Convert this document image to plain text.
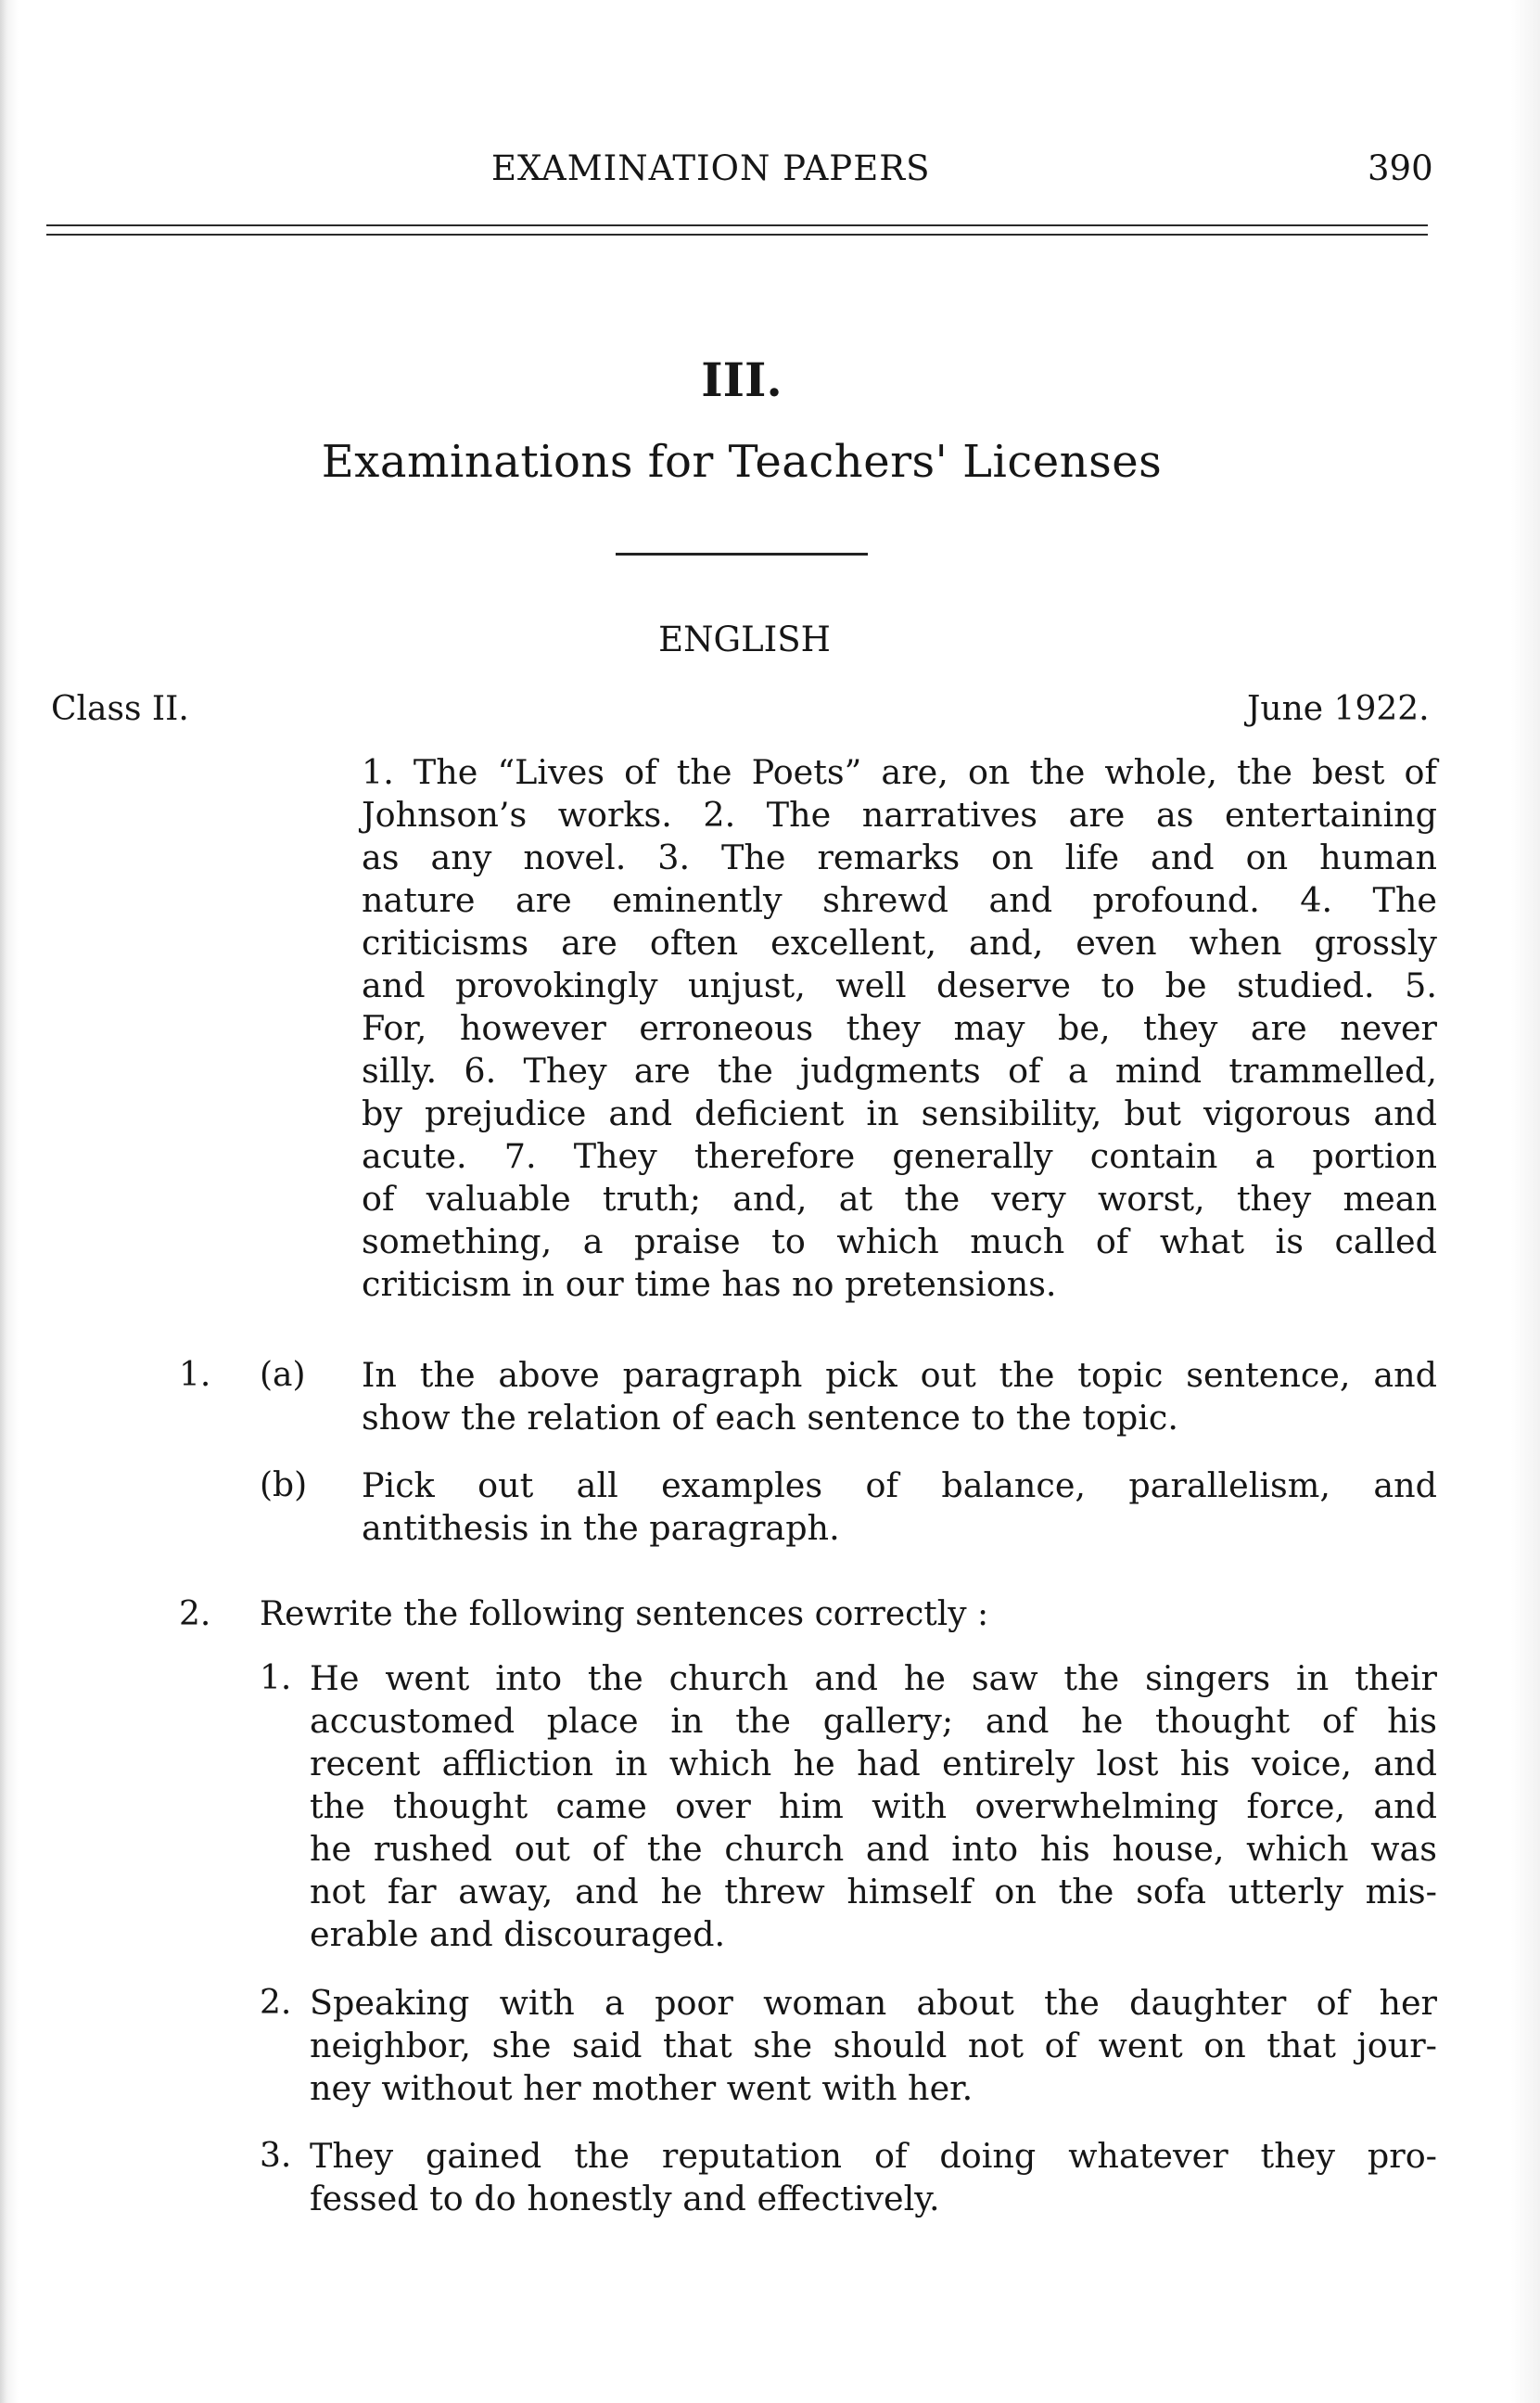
EXAMINATION PAPERS	390
III.
Examinations for Teachers' Licenses
ENGLISH
Class II.	June 1922.
1. The “Lives of the Poets” are, on the whole, the best of
Johnson’s works. 2. The narratives are as entertaining
as any novel. 3. The remarks on life and on human
nature are eminently shrewd and profound. 4. The
criticisms are often excellent, and, even when grossly
and provokingly unjust, well deserve to be studied. 5.
For, however erroneous they may be, they are never
silly. 6. They are the judgments of a mind trammelled,
by prejudice and deficient in sensibility, but vigorous and
acute. 7. They therefore generally contain a portion
of valuable truth; and, at the very worst, they mean
something, a praise to which much of what is called
criticism in our time has no pretensions.
1. (a) In the above paragraph pick out the topic sentence, and
show the relation of each sentence to the topic.
(b) Pick out all examples of balance, parallelism, and
antithesis in the paragraph.
2. Rewrite the following sentences correctly :
1. He went into the church and he saw the singers in their
accustomed place in the gallery; and he thought of his
recent affliction in which he had entirely lost his voice, and
the thought came over him with overwhelming force, and
he rushed out of the church and into his house, which was
not far away, and he threw himself on the sofa utterly mis-
erable and discouraged.
2. Speaking with a poor woman about the daughter of her
neighbor, she said that she should not of went on that jour-
ney without her mother went with her.
3. They gained the reputation of doing whatever they pro-
fessed to do honestly and effectively.
